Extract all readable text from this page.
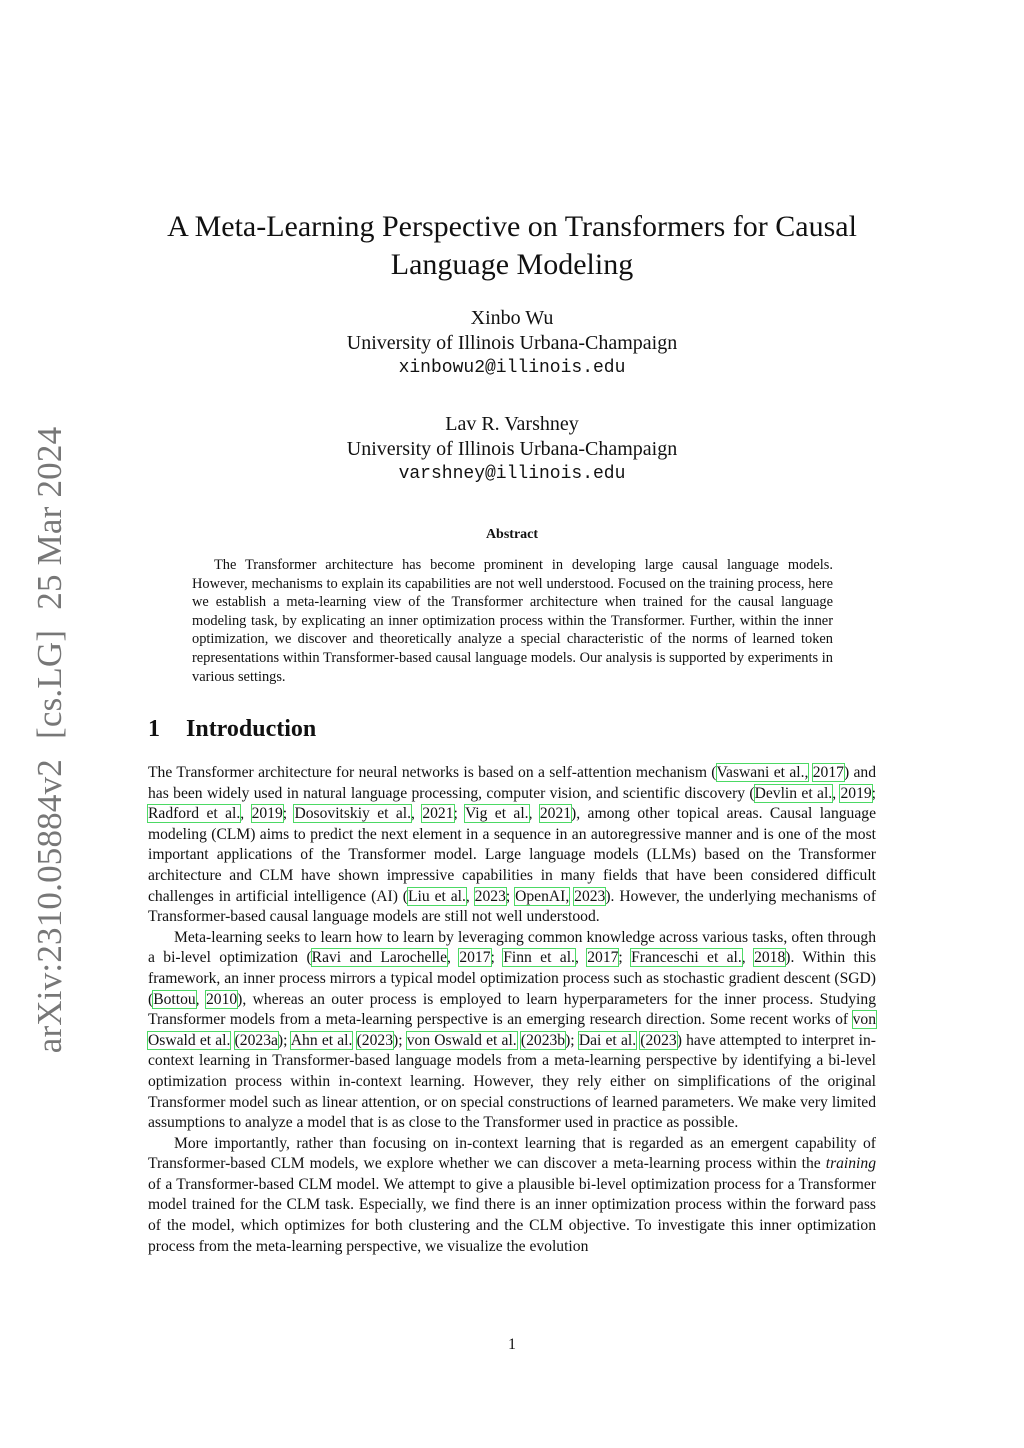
arXiv:2310.05884v2[cs.LG]25 Mar 2024
A Meta-Learning Perspective on Transformers for Causal
Language Modeling
Xinbo Wu
University of Illinois Urbana-Champaign
xinbowu2@illinois.edu
Lav R. Varshney
University of Illinois Urbana-Champaign
varshney@illinois.edu
Abstract
The Transformer architecture has become prominent in developing large causal language models. However, mechanisms to explain its capabilities are not well understood. Focused on the training process, here we establish a meta-learning view of the Transformer architecture when trained for the causal language modeling task, by explicating an inner optimization process within the Transformer. Further, within the inner optimization, we discover and theoretically analyze a special characteristic of the norms of learned token representations within Transformer-based causal language models. Our analysis is supported by experiments in various settings.
1 Introduction

The Transformer architecture for neural networks is based on a self-attention mechanism (Vaswani et al., 2017) and has been widely used in natural language processing, computer vision, and scientific discovery (Devlin et al., 2019; Radford et al., 2019; Dosovitskiy et al., 2021; Vig et al., 2021), among other topical areas. Causal language modeling (CLM) aims to predict the next element in a sequence in an autoregressive manner and is one of the most important applications of the Transformer model. Large language models (LLMs) based on the Transformer architecture and CLM have shown impressive capabilities in many fields that have been considered difficult challenges in artificial intelligence (AI) (Liu et al., 2023; OpenAI, 2023). However, the underlying mechanisms of Transformer-based causal language models are still not well understood.

Meta-learning seeks to learn how to learn by leveraging common knowledge across various tasks, often through a bi-level optimization (Ravi and Larochelle, 2017; Finn et al., 2017; Franceschi et al., 2018). Within this framework, an inner process mirrors a typical model optimization process such as stochastic gradient descent (SGD) (Bottou, 2010), whereas an outer process is employed to learn hyperparameters for the inner process. Studying Transformer models from a meta-learning perspective is an emerging research direction. Some recent works of von Oswald et al. (2023a); Ahn et al. (2023); von Oswald et al. (2023b); Dai et al. (2023) have attempted to interpret in-context learning in Transformer-based language models from a meta-learning perspective by identifying a bi-level optimization process within in-context learning. However, they rely either on simplifications of the original Transformer model such as linear attention, or on special constructions of learned parameters. We make very limited assumptions to analyze a model that is as close to the Transformer used in practice as possible.

More importantly, rather than focusing on in-context learning that is regarded as an emergent capability of Transformer-based CLM models, we explore whether we can discover a meta-learning process within the training of a Transformer-based CLM model. We attempt to give a plausible bi-level optimization process for a Transformer model trained for the CLM task. Especially, we find there is an inner optimization process within the forward pass of the model, which optimizes for both clustering and the CLM objective. To investigate this inner optimization process from the meta-learning perspective, we visualize the evolution

1
